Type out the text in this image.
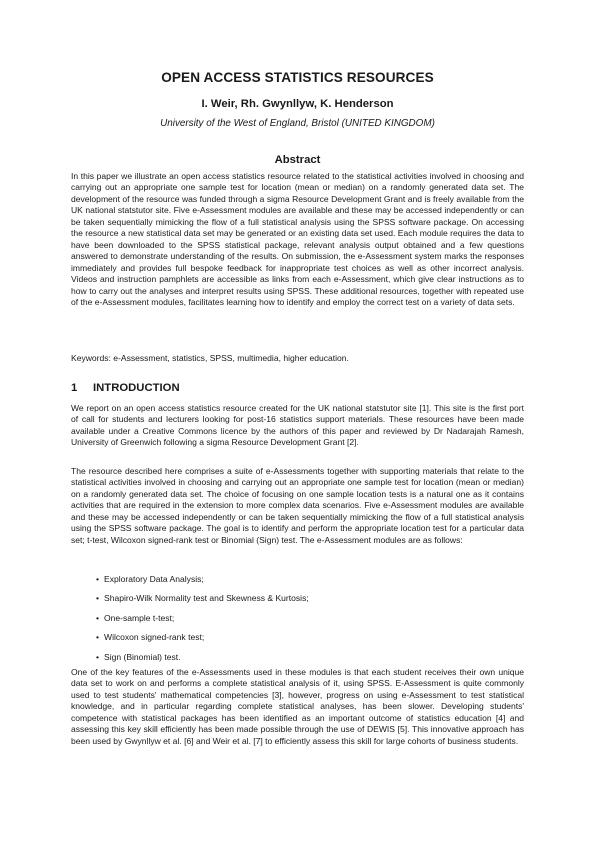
OPEN ACCESS STATISTICS RESOURCES
I. Weir, Rh. Gwynllyw, K. Henderson
University of the West of England, Bristol (UNITED KINGDOM)
Abstract

In this paper we illustrate an open access statistics resource related to the statistical activities involved in choosing and carrying out an appropriate one sample test for location (mean or median) on a randomly generated data set. The development of the resource was funded through a sigma Resource Development Grant and is freely available from the UK national statstutor site. Five e-Assessment modules are available and these may be accessed independently or can be taken sequentially mimicking the flow of a full statistical analysis using the SPSS software package. On accessing the resource a new statistical data set may be generated or an existing data set used. Each module requires the data to have been downloaded to the SPSS statistical package, relevant analysis output obtained and a few questions answered to demonstrate understanding of the results. On submission, the e-Assessment system marks the responses immediately and provides full bespoke feedback for inappropriate test choices as well as other incorrect analysis. Videos and instruction pamphlets are accessible as links from each e-Assessment, which give clear instructions as to how to carry out the analyses and interpret results using SPSS. These additional resources, together with repeated use of the e-Assessment modules, facilitates learning how to identify and employ the correct test on a variety of data sets.

Keywords: e-Assessment, statistics, SPSS, multimedia, higher education.

1 INTRODUCTION

We report on an open access statistics resource created for the UK national statstutor site [1]. This site is the first port of call for students and lecturers looking for post-16 statistics support materials. These resources have been made available under a Creative Commons licence by the authors of this paper and reviewed by Dr Nadarajah Ramesh, University of Greenwich following a sigma Resource Development Grant [2].

The resource described here comprises a suite of e-Assessments together with supporting materials that relate to the statistical activities involved in choosing and carrying out an appropriate one sample test for location (mean or median) on a randomly generated data set. The choice of focusing on one sample location tests is a natural one as it contains activities that are required in the extension to more complex data scenarios. Five e-Assessment modules are available and these may be accessed independently or can be taken sequentially mimicking the flow of a full statistical analysis using the SPSS software package. The goal is to identify and perform the appropriate location test for a particular data set; t-test, Wilcoxon signed-rank test or Binomial (Sign) test. The e-Assessment modules are as follows:

• Exploratory Data Analysis;
• Shapiro-Wilk Normality test and Skewness & Kurtosis;
• One-sample t-test;
• Wilcoxon signed-rank test;
• Sign (Binomial) test.

One of the key features of the e-Assessments used in these modules is that each student receives their own unique data set to work on and performs a complete statistical analysis of it, using SPSS. E-Assessment is quite commonly used to test students' mathematical competencies [3], however, progress on using e-Assessment to test statistical knowledge, and in particular regarding complete statistical analyses, has been slower. Developing students' competence with statistical packages has been identified as an important outcome of statistics education [4] and assessing this key skill efficiently has been made possible through the use of DEWIS [5]. This innovative approach has been used by Gwynllyw et al. [6] and Weir et al. [7] to efficiently assess this skill for large cohorts of business students.
